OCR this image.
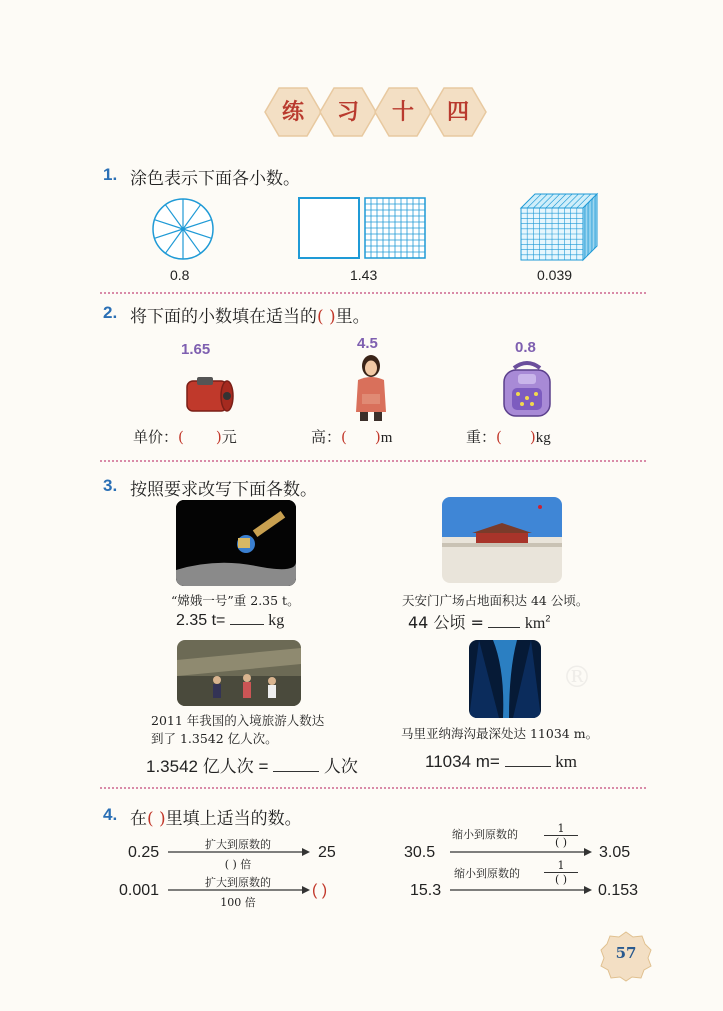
练	习	十	四
1. 涂色表示下面各小数。
0.8	1.43	0.039
2. 将下面的小数填在适当的( )里。
1.65	4.5	0.8
单价：( )元	高：( )m	重：( )kg
3. 按照要求改写下面各数。
“嫦娥一号”重 2.35 t。
2.35 t=	kg
天安门广场占地面积达 44 公顷。
44 公顷 =	$km^2$
2011 年我国的入境旅游人数达
到了 1.3542 亿人次。
1.3542 亿人次 =	人次
马里亚纳海沟最深处达 11034 m。
11034 m=	km
®
4. 在( )里填上适当的数。
0.25	扩大到原数的
( ) 倍
25
0.001	扩大到原数的
100 倍
( )
30.5
缩小到原数的	1
( )
3.05
15.3
缩小到原数的
1
( )
0.153
57
